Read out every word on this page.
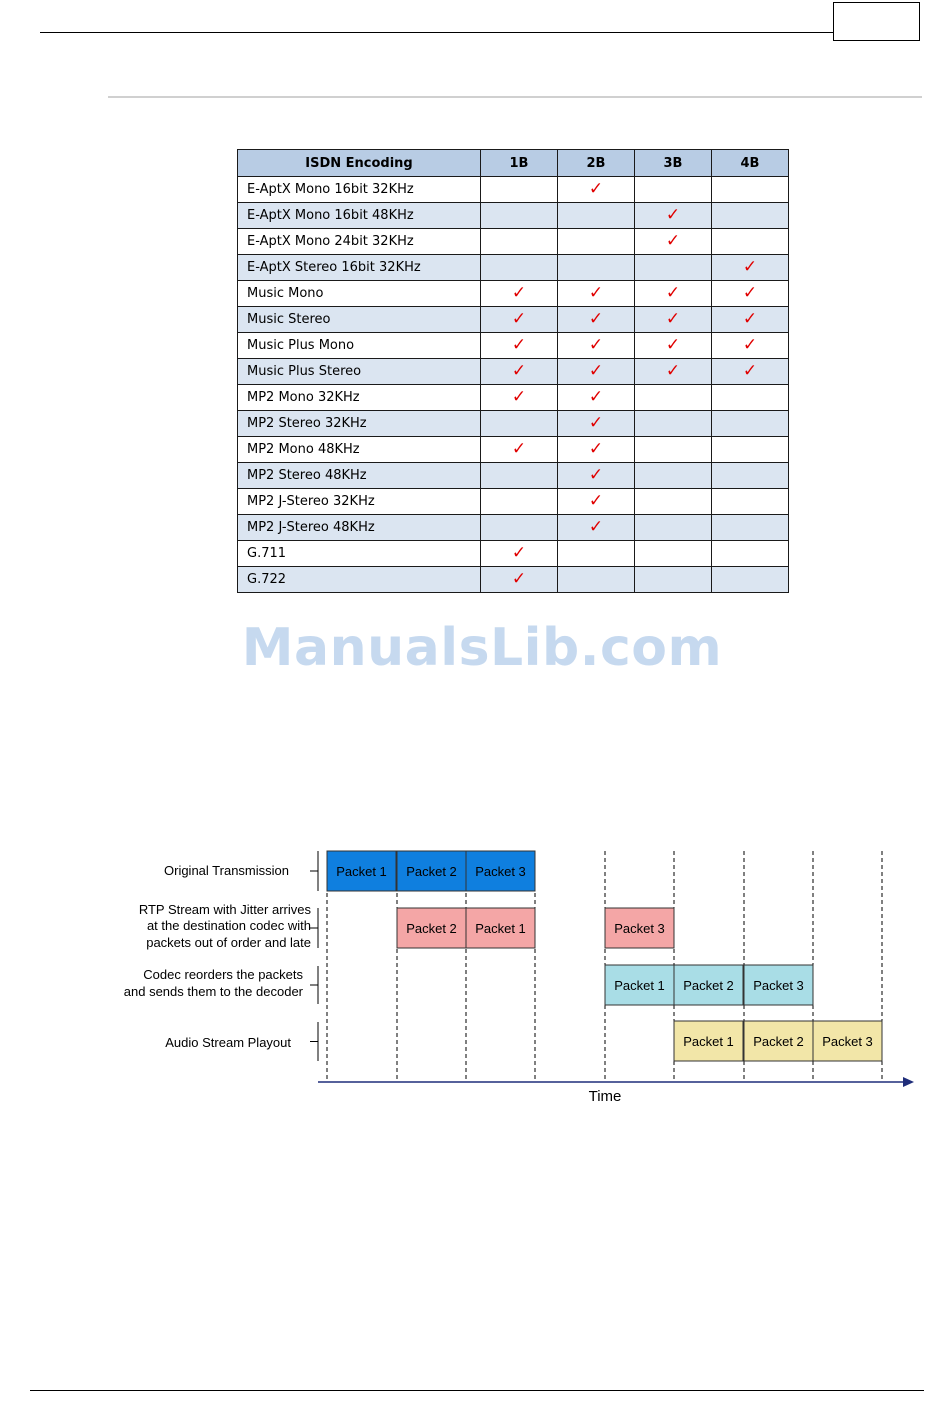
ISDN Encoding	1B	2B	3B	4B
E-AptX Mono 16bit 32KHz		✓		
E-AptX Mono 16bit 48KHz			✓	
E-AptX Mono 24bit 32KHz			✓	
E-AptX Stereo 16bit 32KHz				✓
Music Mono	✓	✓	✓	✓
Music Stereo	✓	✓	✓	✓
Music Plus Mono	✓	✓	✓	✓
Music Plus Stereo	✓	✓	✓	✓
MP2 Mono 32KHz	✓	✓		
MP2 Stereo 32KHz		✓		
MP2 Mono 48KHz	✓	✓		
MP2 Stereo 48KHz		✓		
MP2 J-Stereo 32KHz		✓		
MP2 J-Stereo 48KHz		✓		
G.711	✓			
G.722	✓			
ManualsLib.com
Original Transmission
RTP Stream with Jitter arrives
at the destination codec with
packets out of order and late
Codec reorders the packets
and sends them to the decoder
Audio Stream Playout
Packet 1 Packet 2 Packet 3
Packet 2 Packet 1	Packet 3
Packet 1 Packet 2 Packet 3
Packet 1 Packet 2 Packet 3
Time
